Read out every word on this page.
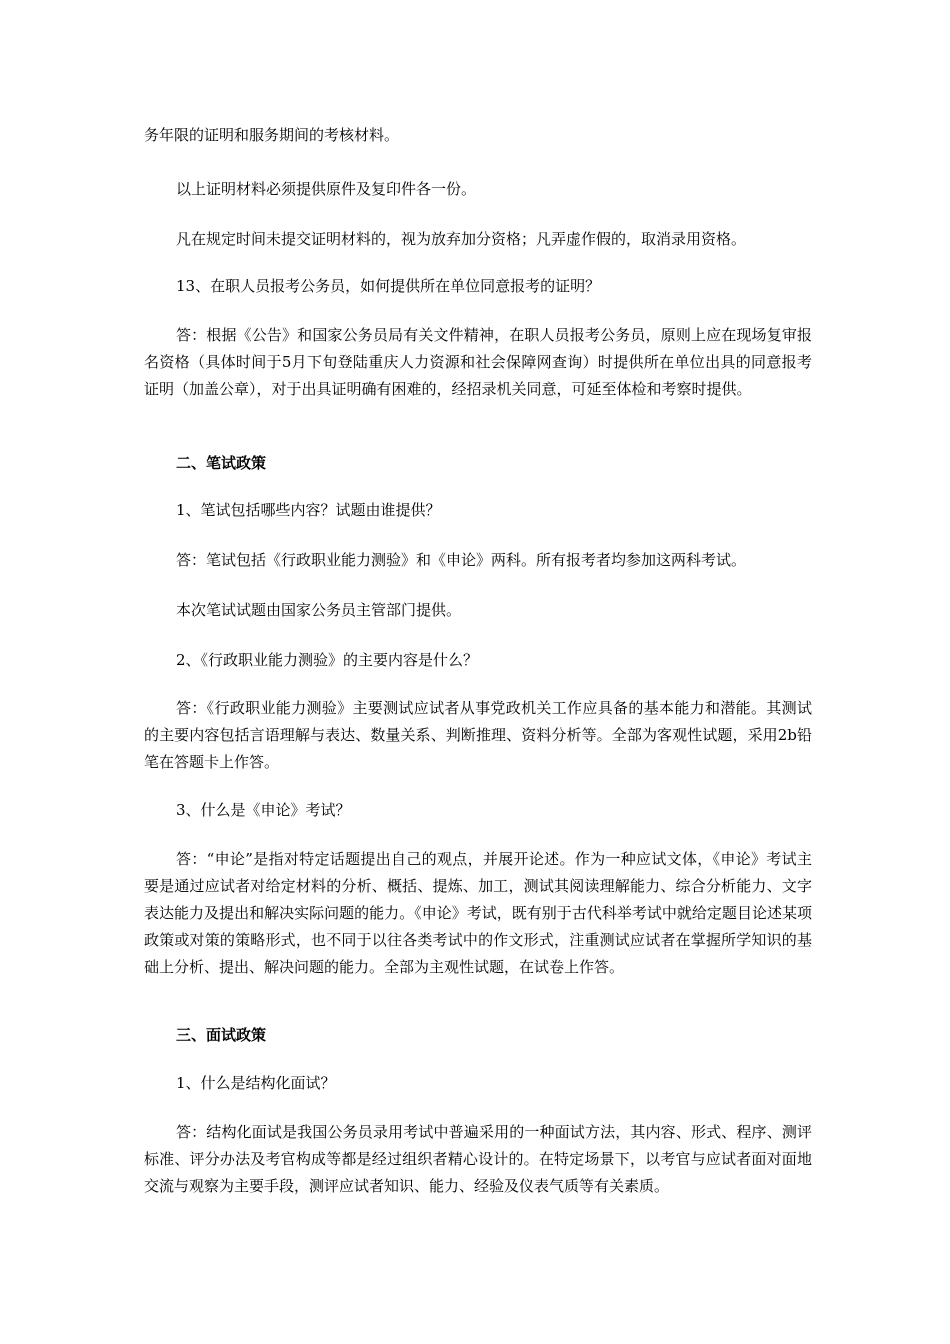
务年限的证明和服务期间的考核材料。

以上证明材料必须提供原件及复印件各一份。

凡在规定时间未提交证明材料的，视为放弃加分资格；凡弄虚作假的，取消录用资格。

13、在职人员报考公务员，如何提供所在单位同意报考的证明？

答：根据《公告》和国家公务员局有关文件精神，在职人员报考公务员，原则上应在现场复审报名资格（具体时间于5月下旬登陆重庆人力资源和社会保障网查询）时提供所在单位出具的同意报考证明（加盖公章），对于出具证明确有困难的，经招录机关同意，可延至体检和考察时提供。

二、笔试政策

1、笔试包括哪些内容？试题由谁提供？

答：笔试包括《行政职业能力测验》和《申论》两科。所有报考者均参加这两科考试。

本次笔试试题由国家公务员主管部门提供。

2、《行政职业能力测验》的主要内容是什么？

答：《行政职业能力测验》主要测试应试者从事党政机关工作应具备的基本能力和潜能。其测试的主要内容包括言语理解与表达、数量关系、判断推理、资料分析等。全部为客观性试题，采用2b铅笔在答题卡上作答。

3、什么是《申论》考试？

答：“申论”是指对特定话题提出自己的观点，并展开论述。作为一种应试文体，《申论》考试主要是通过应试者对给定材料的分析、概括、提炼、加工，测试其阅读理解能力、综合分析能力、文字表达能力及提出和解决实际问题的能力。《申论》考试，既有别于古代科举考试中就给定题目论述某项政策或对策的策略形式，也不同于以往各类考试中的作文形式，注重测试应试者在掌握所学知识的基础上分析、提出、解决问题的能力。全部为主观性试题，在试卷上作答。

三、面试政策

1、什么是结构化面试？

答：结构化面试是我国公务员录用考试中普遍采用的一种面试方法，其内容、形式、程序、测评标准、评分办法及考官构成等都是经过组织者精心设计的。在特定场景下，以考官与应试者面对面地交流与观察为主要手段，测评应试者知识、能力、经验及仪表气质等有关素质。
